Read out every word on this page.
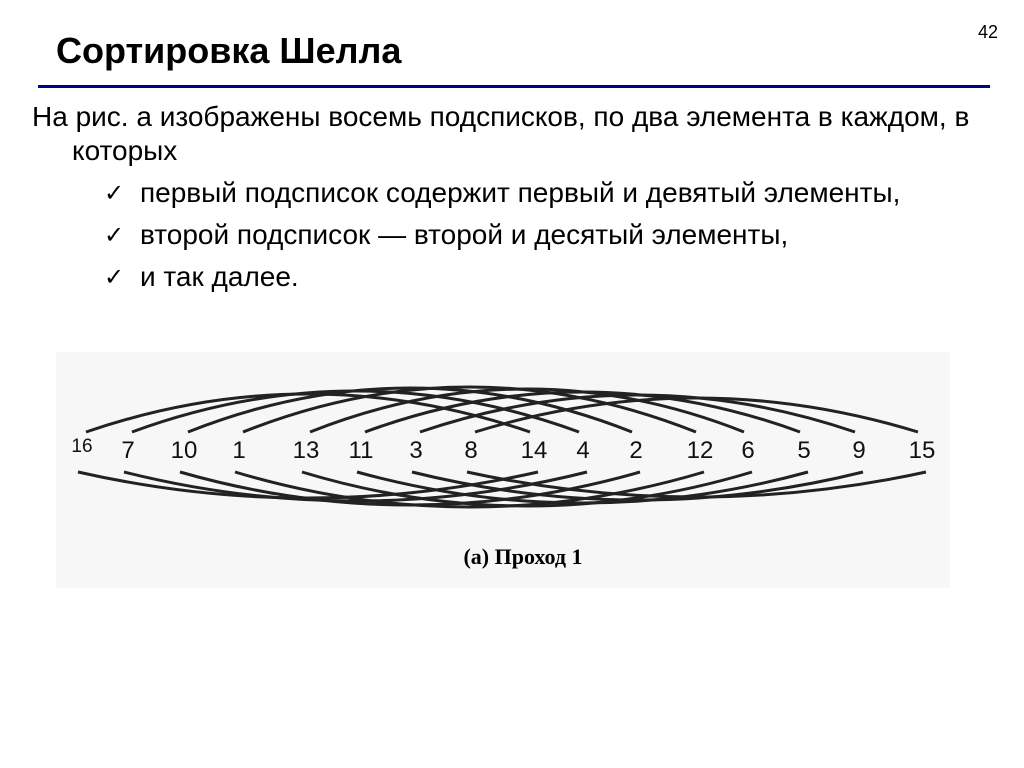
42
Сортировка Шелла
На рис. а изображены восемь подсписков, по два элемента в каждом, в которых
✓ первый подсписок содержит первый и девятый элементы,
✓ второй подсписок — второй и десятый элементы,
✓ и так далее.
16 7 10 1 13 11 3 8 14 4 2 12 6 5 9 15
(а) Проход 1
